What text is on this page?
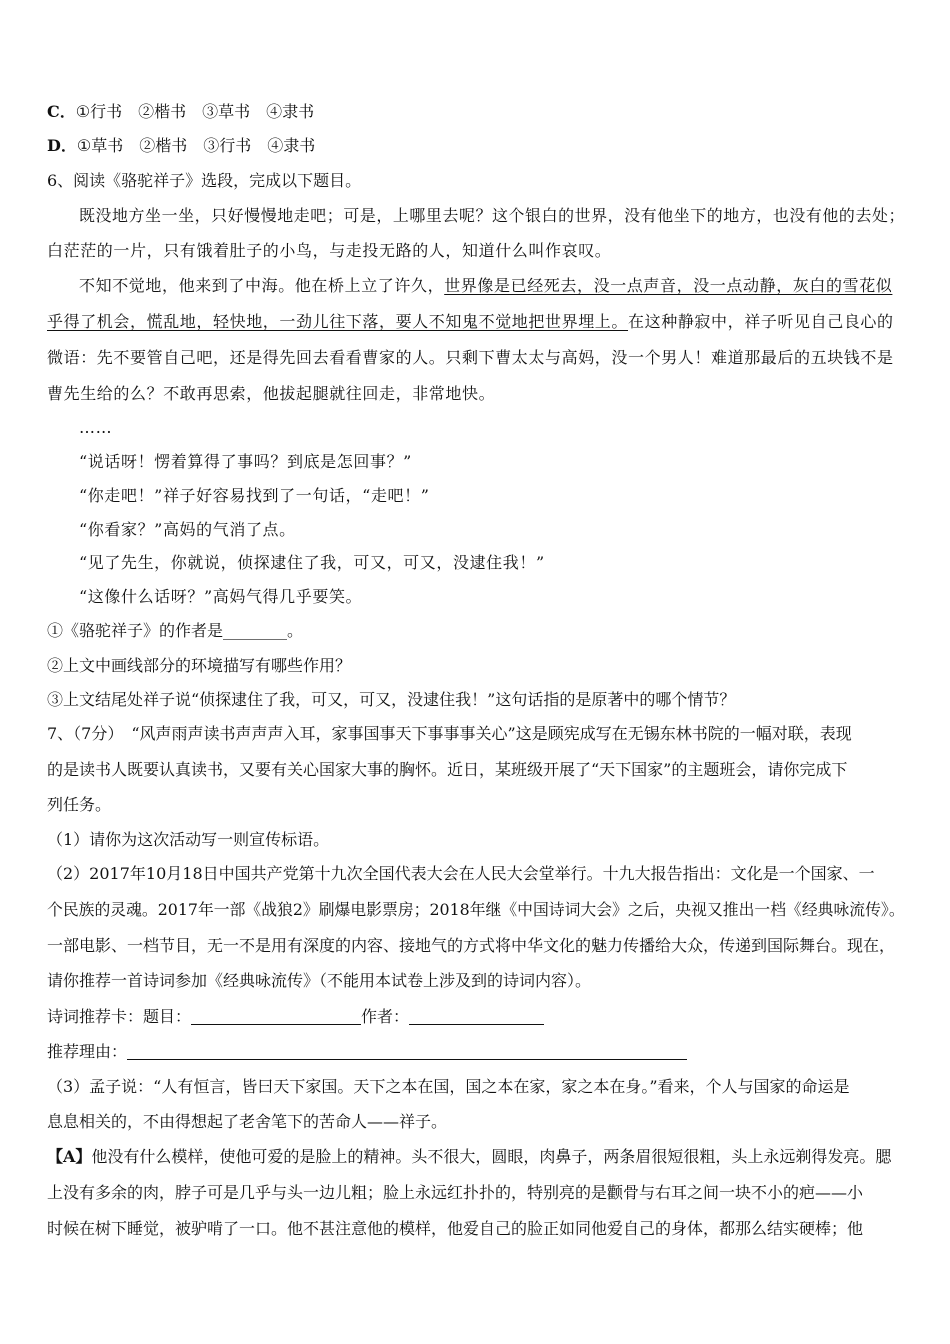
C．①行书　②楷书　③草书　④隶书
D．①草书　②楷书　③行书　④隶书
6、阅读《骆驼祥子》选段，完成以下题目。
既没地方坐一坐，只好慢慢地走吧；可是，上哪里去呢？这个银白的世界，没有他坐下的地方，也没有他的去处；
白茫茫的一片，只有饿着肚子的小鸟，与走投无路的人，知道什么叫作哀叹。
不知不觉地，他来到了中海。他在桥上立了许久，世界像是已经死去，没一点声音，没一点动静，灰白的雪花似
乎得了机会，慌乱地，轻快地，一劲儿往下落，要人不知鬼不觉地把世界埋上。在这种静寂中，祥子听见自己良心的
微语：先不要管自己吧，还是得先回去看看曹家的人。只剩下曹太太与高妈，没一个男人！难道那最后的五块钱不是
曹先生给的么？不敢再思索，他拔起腿就往回走，非常地快。
……
“说话呀！愣着算得了事吗？到底是怎回事？”
“你走吧！”祥子好容易找到了一句话，“走吧！”
“你看家？”高妈的气消了点。
“见了先生，你就说，侦探逮住了我，可又，可又，没逮住我！”
“这像什么话呀？”高妈气得几乎要笑。
①《骆驼祥子》的作者是________。
②上文中画线部分的环境描写有哪些作用？
③上文结尾处祥子说“侦探逮住了我，可又，可又，没逮住我！”这句话指的是原著中的哪个情节？
7、（7分）　“风声雨声读书声声声入耳，家事国事天下事事事关心”这是顾宪成写在无锡东林书院的一幅对联，表现
的是读书人既要认真读书，又要有关心国家大事的胸怀。近日，某班级开展了“天下国家”的主题班会，请你完成下
列任务。
（1）请你为这次活动写一则宣传标语。
（2）2017年10月18日中国共产党第十九次全国代表大会在人民大会堂举行。十九大报告指出：文化是一个国家、一
个民族的灵魂。2017年一部《战狼2》刷爆电影票房；2018年继《中国诗词大会》之后，央视又推出一档《经典咏流传》。
一部电影、一档节目，无一不是用有深度的内容、接地气的方式将中华文化的魅力传播给大众，传递到国际舞台。现在，
请你推荐一首诗词参加《经典咏流传》（不能用本试卷上涉及到的诗词内容）。
诗词推荐卡：题目：	作者：
推荐理由：
（3）孟子说：“人有恒言，皆曰天下家国。天下之本在国，国之本在家，家之本在身。”看来，个人与国家的命运是
息息相关的，不由得想起了老舍笔下的苦命人——祥子。
【A】他没有什么模样，使他可爱的是脸上的精神。头不很大，圆眼，肉鼻子，两条眉很短很粗，头上永远剃得发亮。腮
上没有多余的肉，脖子可是几乎与头一边儿粗；脸上永远红扑扑的，特别亮的是颧骨与右耳之间一块不小的疤——小
时候在树下睡觉，被驴啃了一口。他不甚注意他的模样，他爱自己的脸正如同他爱自己的身体，都那么结实硬棒；他
